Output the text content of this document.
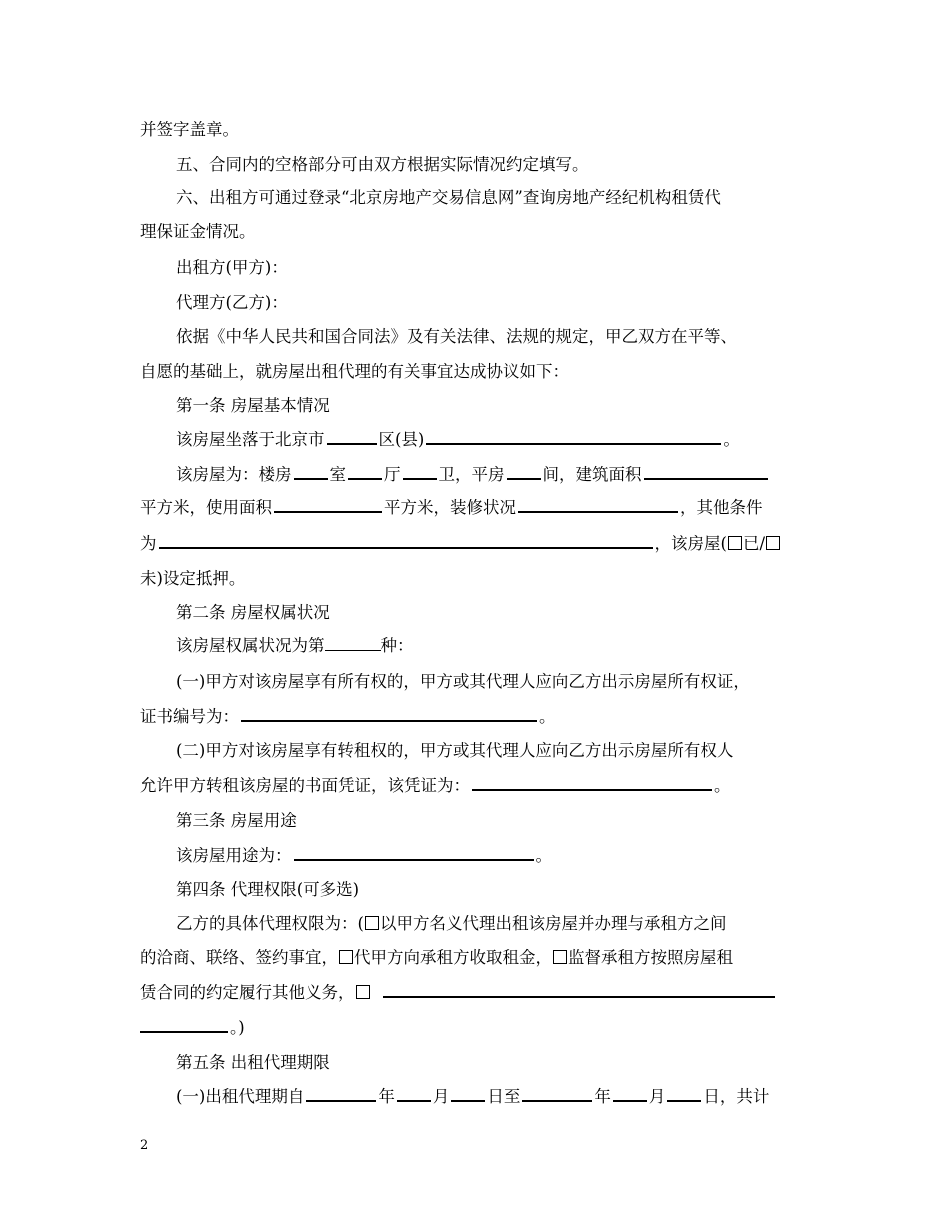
并签字盖章。
五、合同内的空格部分可由双方根据实际情况约定填写。
六、出租方可通过登录“北京房地产交易信息网”查询房地产经纪机构租赁代
理保证金情况。
出租方(甲方)：
代理方(乙方)：
依据《中华人民共和国合同法》及有关法律、法规的规定，甲乙双方在平等、
自愿的基础上，就房屋出租代理的有关事宜达成协议如下：
第一条 房屋基本情况
该房屋坐落于北京市	区(县)	。
该房屋为：楼房 室 厅 卫，平房 间，建筑面积
平方米，使用面积	平方米，装修状况	，其他条件
为	，该房屋( 已/
未)设定抵押。
第二条 房屋权属状况
该房屋权属状况为第	种：
(一)甲方对该房屋享有所有权的，甲方或其代理人应向乙方出示房屋所有权证，
证书编号为：	。
(二)甲方对该房屋享有转租权的，甲方或其代理人应向乙方出示房屋所有权人
允许甲方转租该房屋的书面凭证，该凭证为：	。
第三条 房屋用途
该房屋用途为：	。
第四条 代理权限(可多选)
乙方的具体代理权限为：( 以甲方名义代理出租该房屋并办理与承租方之间
的洽商、联络、签约事宜， 代甲方向承租方收取租金， 监督承租方按照房屋租
赁合同的约定履行其他义务，
。)
第五条 出租代理期限
(一)出租代理期自	年 月 日至	年 月 日，共计
2
